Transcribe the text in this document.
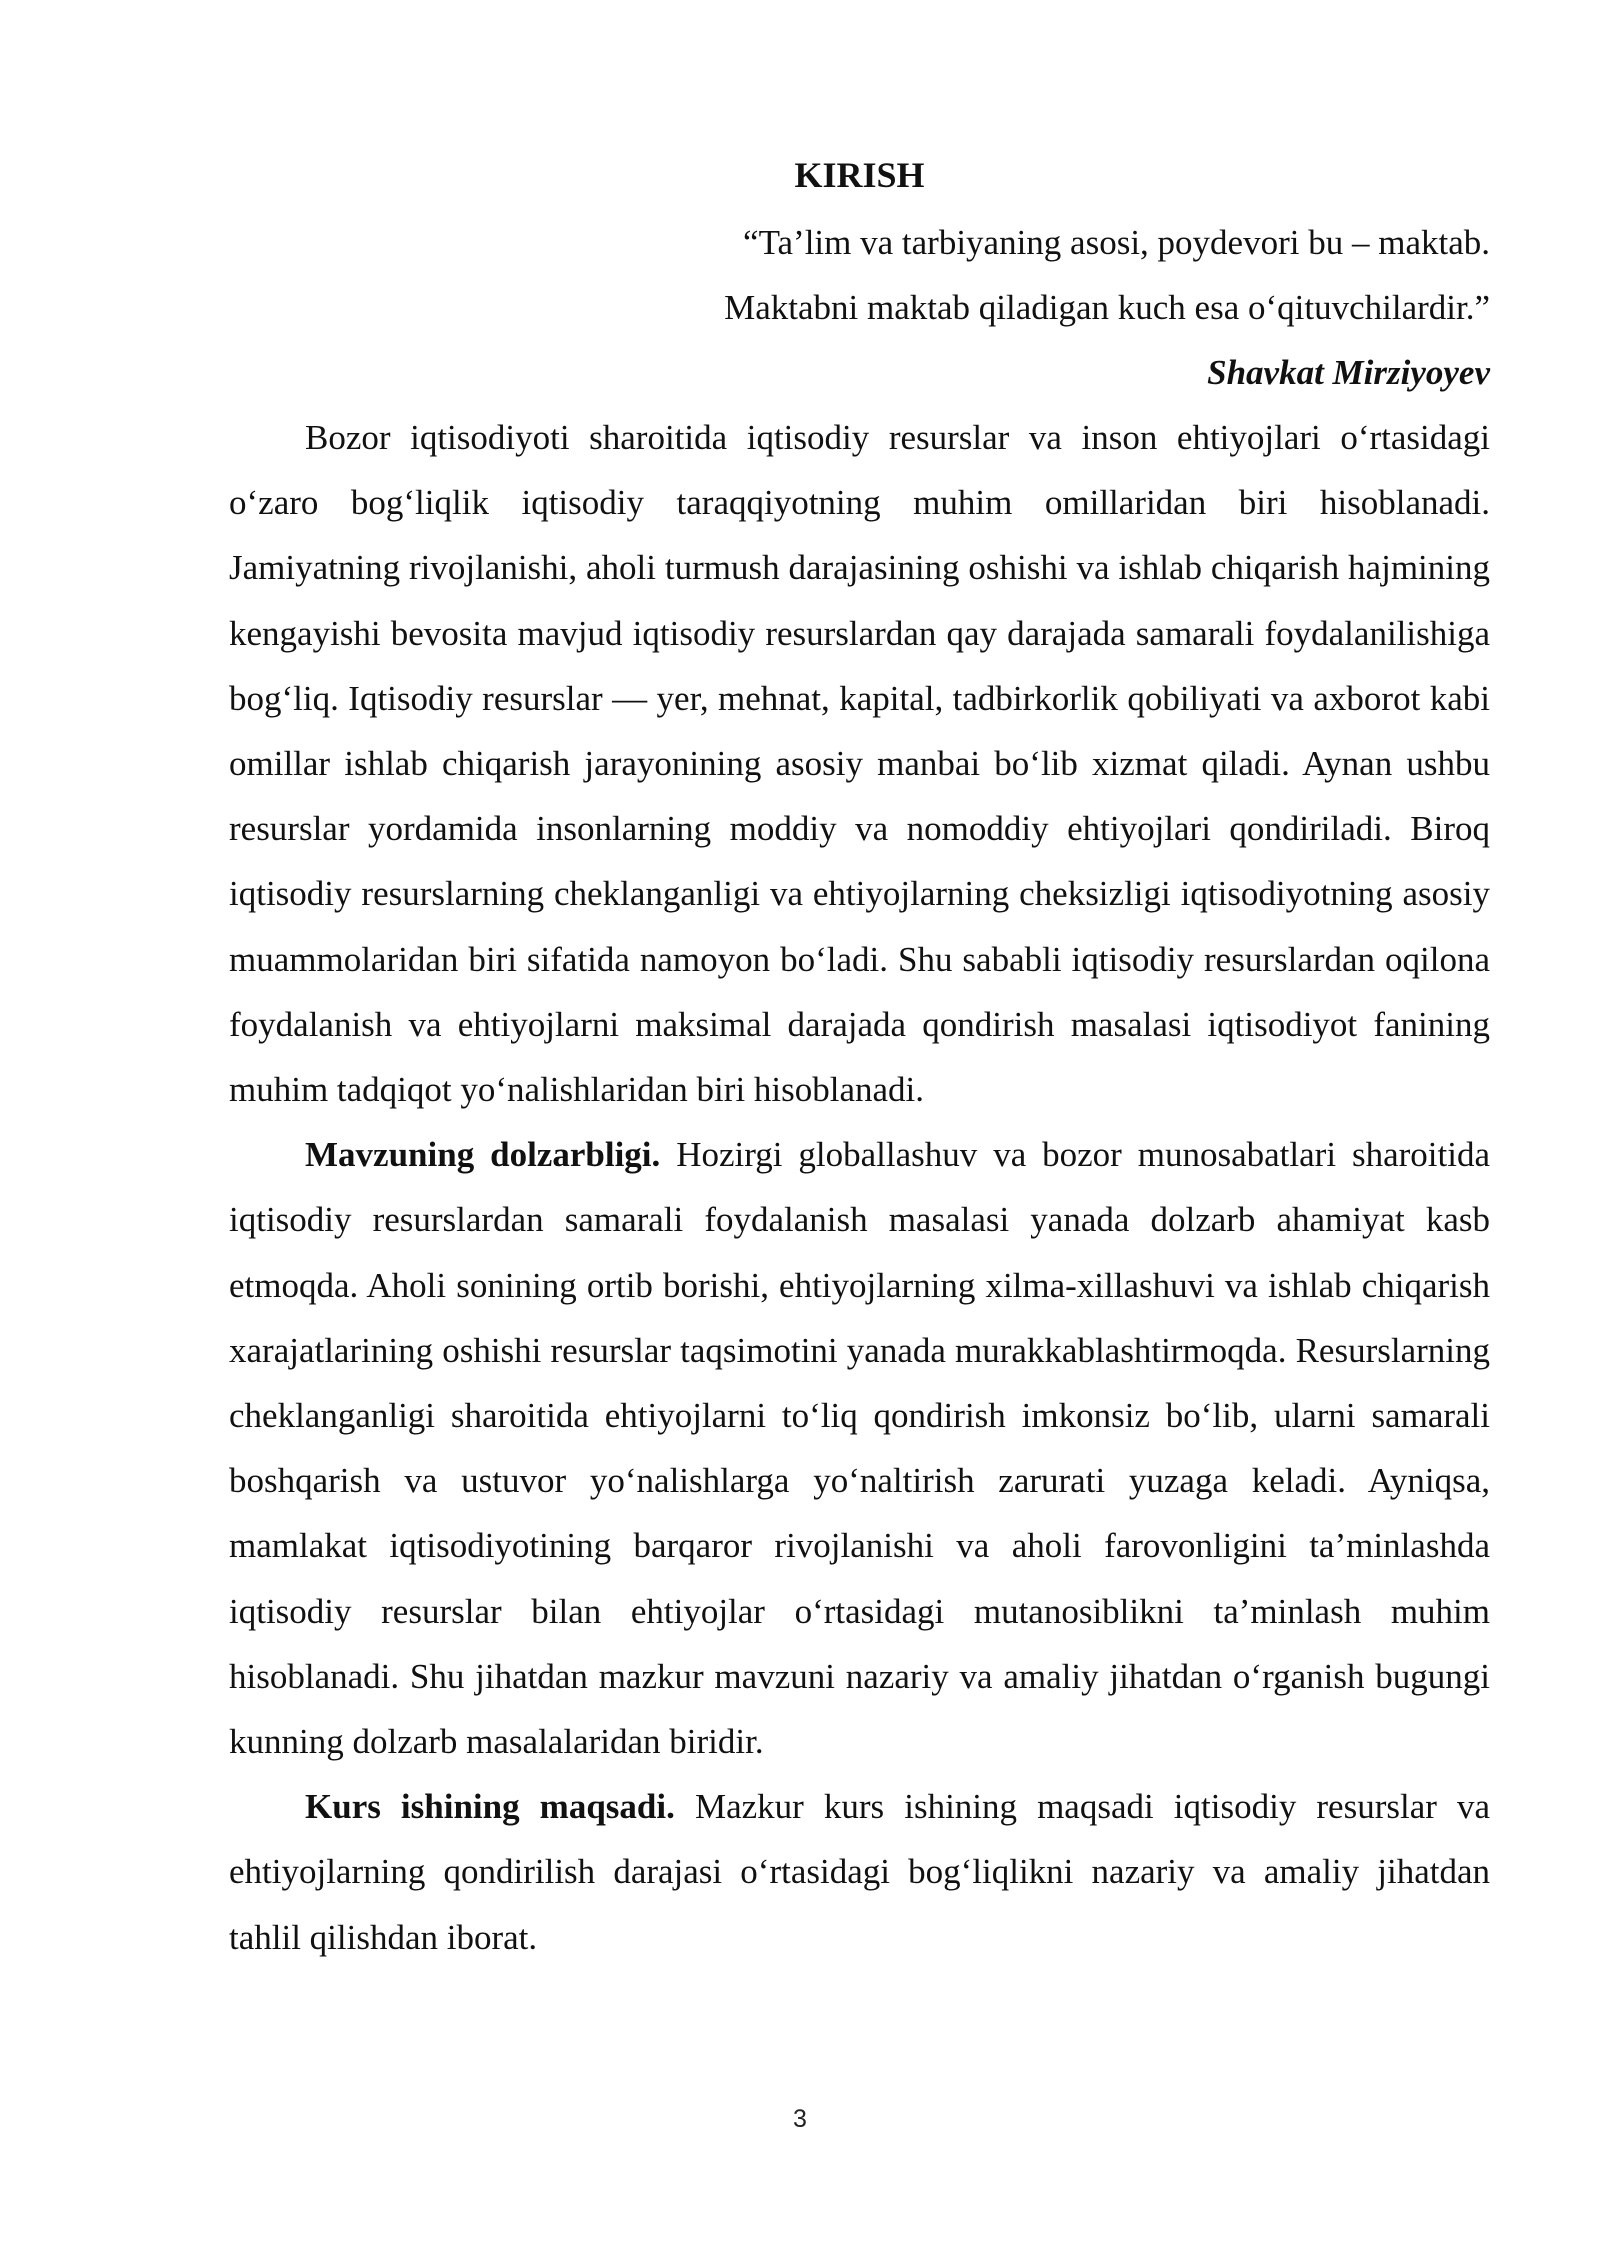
KIRISH

“Ta’lim va tarbiyaning asosi, poydevori bu – maktab.

Maktabni maktab qiladigan kuch esa o‘qituvchilardir.”

Shavkat Mirziyoyev

Bozor iqtisodiyoti sharoitida iqtisodiy resurslar va inson ehtiyojlari o‘rtasidagi o‘zaro bog‘liqlik iqtisodiy taraqqiyotning muhim omillaridan biri hisoblanadi. Jamiyatning rivojlanishi, aholi turmush darajasining oshishi va ishlab chiqarish hajmining kengayishi bevosita mavjud iqtisodiy resurslardan qay darajada samarali foydalanilishiga bog‘liq. Iqtisodiy resurslar — yer, mehnat, kapital, tadbirkorlik qobiliyati va axborot kabi omillar ishlab chiqarish jarayonining asosiy manbai bo‘lib xizmat qiladi. Aynan ushbu resurslar yordamida insonlarning moddiy va nomoddiy ehtiyojlari qondiriladi. Biroq iqtisodiy resurslarning cheklanganligi va ehtiyojlarning cheksizligi iqtisodiyotning asosiy muammolaridan biri sifatida namoyon bo‘ladi. Shu sababli iqtisodiy resurslardan oqilona foydalanish va ehtiyojlarni maksimal darajada qondirish masalasi iqtisodiyot fanining muhim tadqiqot yo‘nalishlaridan biri hisoblanadi.

Mavzuning dolzarbligi. Hozirgi globallashuv va bozor munosabatlari sharoitida iqtisodiy resurslardan samarali foydalanish masalasi yanada dolzarb ahamiyat kasb etmoqda. Aholi sonining ortib borishi, ehtiyojlarning xilma-xillashuvi va ishlab chiqarish xarajatlarining oshishi resurslar taqsimotini yanada murakkablashtirmoqda. Resurslarning cheklanganligi sharoitida ehtiyojlarni to‘liq qondirish imkonsiz bo‘lib, ularni samarali boshqarish va ustuvor yo‘nalishlarga yo‘naltirish zarurati yuzaga keladi. Ayniqsa, mamlakat iqtisodiyotining barqaror rivojlanishi va aholi farovonligini ta’minlashda iqtisodiy resurslar bilan ehtiyojlar o‘rtasidagi mutanosiblikni ta’minlash muhim hisoblanadi. Shu jihatdan mazkur mavzuni nazariy va amaliy jihatdan o‘rganish bugungi kunning dolzarb masalalaridan biridir.

Kurs ishining maqsadi. Mazkur kurs ishining maqsadi iqtisodiy resurslar va ehtiyojlarning qondirilish darajasi o‘rtasidagi bog‘liqlikni nazariy va amaliy jihatdan tahlil qilishdan iborat.

3
